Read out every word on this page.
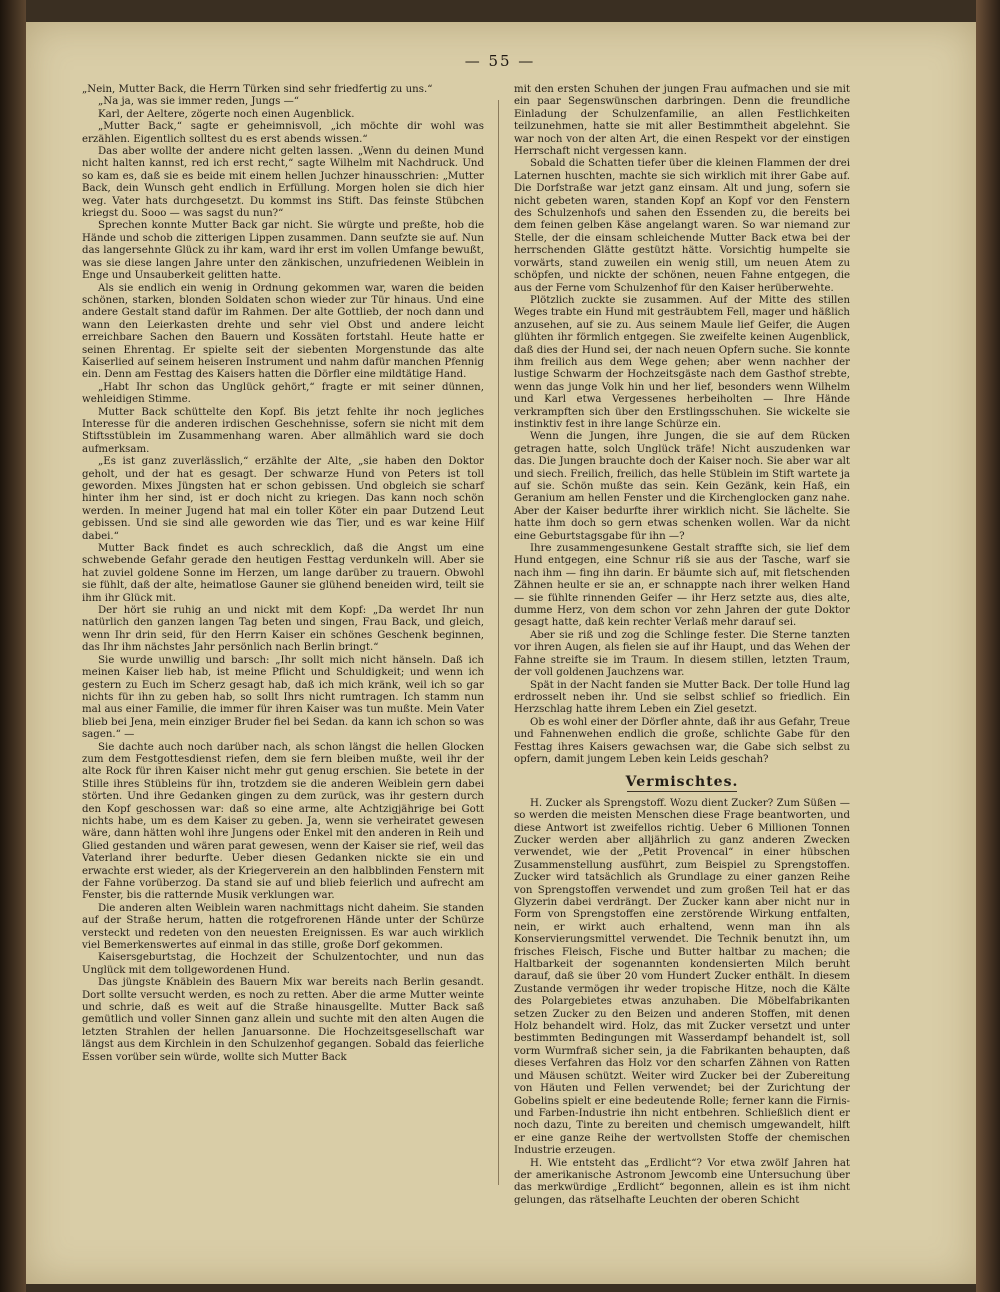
— 55 —

„Nein, Mutter Back, die Herrn Türken sind sehr friedfertig zu uns.“

„Na ja, was sie immer reden, Jungs —“

Karl, der Aeltere, zögerte noch einen Augenblick.

„Mutter Back,“ sagte er geheimnisvoll, „ich möchte dir wohl was erzählen. Eigentlich solltest du es erst abends wissen.“

Das aber wollte der andere nicht gelten lassen. „Wenn du deinen Mund nicht halten kannst, red ich erst recht,“ sagte Wilhelm mit Nachdruck. Und so kam es, daß sie es beide mit einem hellen Juchzer hinausschrien: „Mutter Back, dein Wunsch geht endlich in Erfüllung. Morgen holen sie dich hier weg. Vater hats durchgesetzt. Du kommst ins Stift. Das feinste Stübchen kriegst du. Sooo — was sagst du nun?“

Sprechen konnte Mutter Back gar nicht. Sie würgte und preßte, hob die Hände und schob die zitterigen Lippen zusammen. Dann seufzte sie auf. Nun das langersehnte Glück zu ihr kam, ward ihr erst im vollen Umfange bewußt, was sie diese langen Jahre unter den zänkischen, unzufriedenen Weiblein in Enge und Unsauberkeit gelitten hatte.

Als sie endlich ein wenig in Ordnung gekommen war, waren die beiden schönen, starken, blonden Soldaten schon wieder zur Tür hinaus. Und eine andere Gestalt stand dafür im Rahmen. Der alte Gottlieb, der noch dann und wann den Leierkasten drehte und sehr viel Obst und andere leicht erreichbare Sachen den Bauern und Kossäten fortstahl. Heute hatte er seinen Ehrentag. Er spielte seit der siebenten Morgenstunde das alte Kaiserlied auf seinem heiseren Instrument und nahm dafür manchen Pfennig ein. Denn am Festtag des Kaisers hatten die Dörfler eine mildtätige Hand.

„Habt Ihr schon das Unglück gehört,“ fragte er mit seiner dünnen, wehleidigen Stimme.

Mutter Back schüttelte den Kopf. Bis jetzt fehlte ihr noch jegliches Interesse für die anderen irdischen Geschehnisse, sofern sie nicht mit dem Stiftsstüblein im Zusammenhang waren. Aber allmählich ward sie doch aufmerksam.

„Es ist ganz zuverlässlich,“ erzählte der Alte, „sie haben den Doktor geholt, und der hat es gesagt. Der schwarze Hund von Peters ist toll geworden. Mixes Jüngsten hat er schon gebissen. Und obgleich sie scharf hinter ihm her sind, ist er doch nicht zu kriegen. Das kann noch schön werden. In meiner Jugend hat mal ein toller Köter ein paar Dutzend Leut gebissen. Und sie sind alle geworden wie das Tier, und es war keine Hilf dabei.“

Mutter Back findet es auch schrecklich, daß die Angst um eine schwebende Gefahr gerade den heutigen Festtag verdunkeln will. Aber sie hat zuviel goldene Sonne im Herzen, um lange darüber zu trauern. Obwohl sie fühlt, daß der alte, heimatlose Gauner sie glühend beneiden wird, teilt sie ihm ihr Glück mit.

Der hört sie ruhig an und nickt mit dem Kopf: „Da werdet Ihr nun natürlich den ganzen langen Tag beten und singen, Frau Back, und gleich, wenn Ihr drin seid, für den Herrn Kaiser ein schönes Geschenk beginnen, das Ihr ihm nächstes Jahr persönlich nach Berlin bringt.“

Sie wurde unwillig und barsch: „Ihr sollt mich nicht hänseln. Daß ich meinen Kaiser lieb hab, ist meine Pflicht und Schuldigkeit; und wenn ich gestern zu Euch im Scherz gesagt hab, daß ich mich kränk, weil ich so gar nichts für ihn zu geben hab, so sollt Ihrs nicht rumtragen. Ich stamm nun mal aus einer Familie, die immer für ihren Kaiser was tun mußte. Mein Vater blieb bei Jena, mein einziger Bruder fiel bei Sedan. da kann ich schon so was sagen.“ —

Sie dachte auch noch darüber nach, als schon längst die hellen Glocken zum dem Festgottesdienst riefen, dem sie fern bleiben mußte, weil ihr der alte Rock für ihren Kaiser nicht mehr gut genug erschien. Sie betete in der Stille ihres Stübleins für ihn, trotzdem sie die anderen Weiblein gern dabei störten. Und ihre Gedanken gingen zu dem zurück, was ihr gestern durch den Kopf geschossen war: daß so eine arme, alte Achtzigjährige bei Gott nichts habe, um es dem Kaiser zu geben. Ja, wenn sie verheiratet gewesen wäre, dann hätten wohl ihre Jungens oder Enkel mit den anderen in Reih und Glied gestanden und wären parat gewesen, wenn der Kaiser sie rief, weil das Vaterland ihrer bedurfte. Ueber diesen Gedanken nickte sie ein und erwachte erst wieder, als der Kriegerverein an den halbblinden Fenstern mit der Fahne vorüberzog. Da stand sie auf und blieb feierlich und aufrecht am Fenster, bis die ratternde Musik verklungen war.

Die anderen alten Weiblein waren nachmittags nicht daheim. Sie standen auf der Straße herum, hatten die rotgefrorenen Hände unter der Schürze versteckt und redeten von den neuesten Ereignissen. Es war auch wirklich viel Bemerkenswertes auf einmal in das stille, große Dorf gekommen.

Kaisersgeburtstag, die Hochzeit der Schulzentochter, und nun das Unglück mit dem tollgewordenen Hund.

Das jüngste Knäblein des Bauern Mix war bereits nach Berlin gesandt. Dort sollte versucht werden, es noch zu retten. Aber die arme Mutter weinte und schrie, daß es weit auf die Straße hinausgellte. Mutter Back saß gemütlich und voller Sinnen ganz allein und suchte mit den alten Augen die letzten Strahlen der hellen Januarsonne. Die Hochzeitsgesellschaft war längst aus dem Kirchlein in den Schulzenhof gegangen. Sobald das feierliche Essen vorüber sein würde, wollte sich Mutter Back

mit den ersten Schuhen der jungen Frau aufmachen und sie mit ein paar Segenswünschen darbringen. Denn die freundliche Einladung der Schulzenfamilie, an allen Festlichkeiten teilzunehmen, hatte sie mit aller Bestimmtheit abgelehnt. Sie war noch von der alten Art, die einen Respekt vor der einstigen Herrschaft nicht vergessen kann.

Sobald die Schatten tiefer über die kleinen Flammen der drei Laternen huschten, machte sie sich wirklich mit ihrer Gabe auf. Die Dorfstraße war jetzt ganz einsam. Alt und jung, sofern sie nicht gebeten waren, standen Kopf an Kopf vor den Fenstern des Schulzenhofs und sahen den Essenden zu, die bereits bei dem feinen gelben Käse angelangt waren. So war niemand zur Stelle, der die einsam schleichende Mutter Back etwa bei der herrschenden Glätte gestützt hätte. Vorsichtig humpelte sie vorwärts, stand zuweilen ein wenig still, um neuen Atem zu schöpfen, und nickte der schönen, neuen Fahne entgegen, die aus der Ferne vom Schulzenhof für den Kaiser herüberwehte.

Plötzlich zuckte sie zusammen. Auf der Mitte des stillen Weges trabte ein Hund mit gesträubtem Fell, mager und häßlich anzusehen, auf sie zu. Aus seinem Maule lief Geifer, die Augen glühten ihr förmlich entgegen. Sie zweifelte keinen Augenblick, daß dies der Hund sei, der nach neuen Opfern suche. Sie konnte ihm freilich aus dem Wege gehen; aber wenn nachher der lustige Schwarm der Hochzeitsgäste nach dem Gasthof strebte, wenn das junge Volk hin und her lief, besonders wenn Wilhelm und Karl etwa Vergessenes herbeiholten — Ihre Hände verkrampften sich über den Erstlingsschuhen. Sie wickelte sie instinktiv fest in ihre lange Schürze ein.

Wenn die Jungen, ihre Jungen, die sie auf dem Rücken getragen hatte, solch Unglück träfe! Nicht auszudenken war das. Die Jungen brauchte doch der Kaiser noch. Sie aber war alt und siech. Freilich, freilich, das helle Stüblein im Stift wartete ja auf sie. Schön mußte das sein. Kein Gezänk, kein Haß, ein Geranium am hellen Fenster und die Kirchenglocken ganz nahe. Aber der Kaiser bedurfte ihrer wirklich nicht. Sie lächelte. Sie hatte ihm doch so gern etwas schenken wollen. War da nicht eine Geburtstagsgabe für ihn —?

Ihre zusammengesunkene Gestalt straffte sich, sie lief dem Hund entgegen, eine Schnur riß sie aus der Tasche, warf sie nach ihm — fing ihn darin. Er bäumte sich auf, mit fletschenden Zähnen heulte er sie an, er schnappte nach ihrer welken Hand — sie fühlte rinnenden Geifer — ihr Herz setzte aus, dies alte, dumme Herz, von dem schon vor zehn Jahren der gute Doktor gesagt hatte, daß kein rechter Verlaß mehr darauf sei.

Aber sie riß und zog die Schlinge fester. Die Sterne tanzten vor ihren Augen, als fielen sie auf ihr Haupt, und das Wehen der Fahne streifte sie im Traum. In diesem stillen, letzten Traum, der voll goldenen Jauchzens war.

Spät in der Nacht fanden sie Mutter Back. Der tolle Hund lag erdrosselt neben ihr. Und sie selbst schlief so friedlich. Ein Herzschlag hatte ihrem Leben ein Ziel gesetzt.

Ob es wohl einer der Dörfler ahnte, daß ihr aus Gefahr, Treue und Fahnenwehen endlich die große, schlichte Gabe für den Festtag ihres Kaisers gewachsen war, die Gabe sich selbst zu opfern, damit jungem Leben kein Leids geschah?

Vermischtes.

H. Zucker als Sprengstoff. Wozu dient Zucker? Zum Süßen — so werden die meisten Menschen diese Frage beantworten, und diese Antwort ist zweifellos richtig. Ueber 6 Millionen Tonnen Zucker werden aber alljährlich zu ganz anderen Zwecken verwendet, wie der „Petit Provencal“ in einer hübschen Zusammenstellung ausführt, zum Beispiel zu Sprengstoffen. Zucker wird tatsächlich als Grundlage zu einer ganzen Reihe von Sprengstoffen verwendet und zum großen Teil hat er das Glyzerin dabei verdrängt. Der Zucker kann aber nicht nur in Form von Sprengstoffen eine zerstörende Wirkung entfalten, nein, er wirkt auch erhaltend, wenn man ihn als Konservierungsmittel verwendet. Die Technik benutzt ihn, um frisches Fleisch, Fische und Butter haltbar zu machen; die Haltbarkeit der sogenannten kondensierten Milch beruht darauf, daß sie über 20 vom Hundert Zucker enthält. In diesem Zustande vermögen ihr weder tropische Hitze, noch die Kälte des Polargebietes etwas anzuhaben. Die Möbelfabrikanten setzen Zucker zu den Beizen und anderen Stoffen, mit denen Holz behandelt wird. Holz, das mit Zucker versetzt und unter bestimmten Bedingungen mit Wasserdampf behandelt ist, soll vorm Wurmfraß sicher sein, ja die Fabrikanten behaupten, daß dieses Verfahren das Holz vor den scharfen Zähnen von Ratten und Mäusen schützt. Weiter wird Zucker bei der Zubereitung von Häuten und Fellen verwendet; bei der Zurichtung der Gobelins spielt er eine bedeutende Rolle; ferner kann die Firnis- und Farben-Industrie ihn nicht entbehren. Schließlich dient er noch dazu, Tinte zu bereiten und chemisch umgewandelt, hilft er eine ganze Reihe der wertvollsten Stoffe der chemischen Industrie erzeugen.

H. Wie entsteht das „Erdlicht“? Vor etwa zwölf Jahren hat der amerikanische Astronom Jewcomb eine Untersuchung über das merkwürdige „Erdlicht“ begonnen, allein es ist ihm nicht gelungen, das rätselhafte Leuchten der oberen Schicht
